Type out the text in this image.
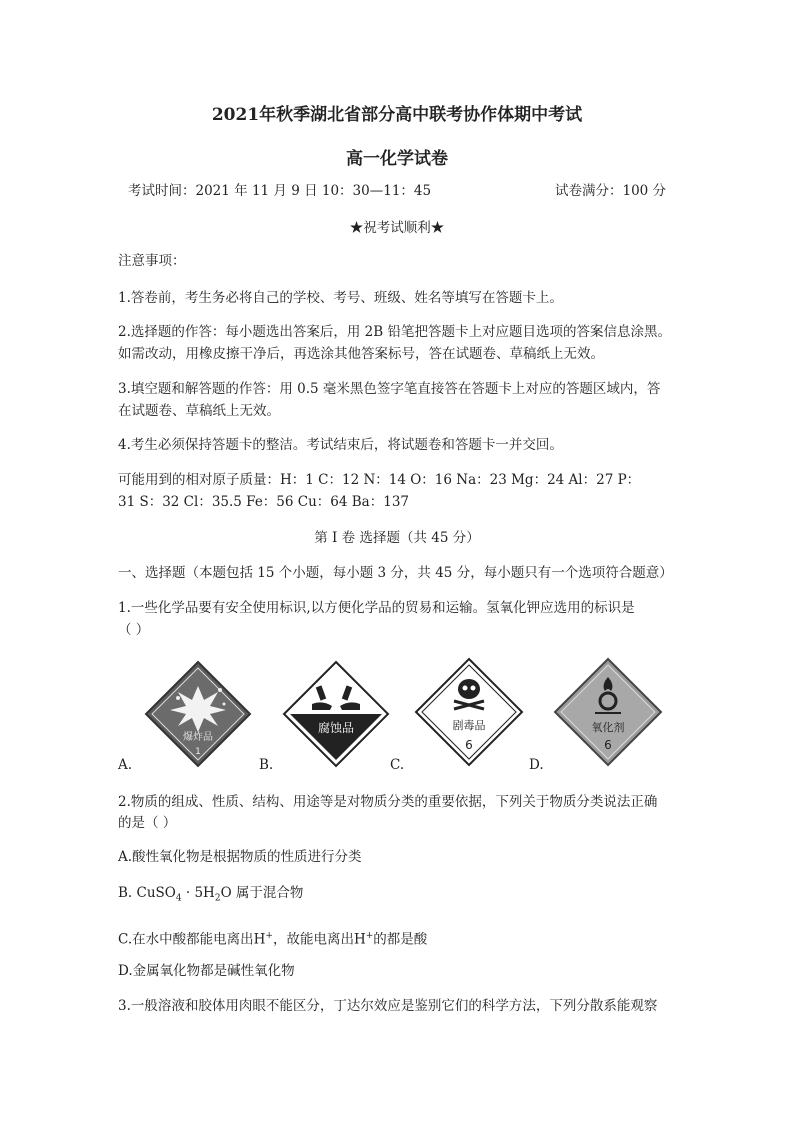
2021年秋季湖北省部分高中联考协作体期中考试
高一化学试卷
考试时间：2021 年 11 月 9 日 10：30—11：45	试卷满分：100 分
★祝考试顺利★
注意事项：
1.答卷前，考生务必将自己的学校、考号、班级、姓名等填写在答题卡上。
2.选择题的作答：每小题选出答案后，用 2B 铅笔把答题卡上对应题目选项的答案信息涂黑。
如需改动，用橡皮擦干净后，再选涂其他答案标号，答在试题卷、草稿纸上无效。
3.填空题和解答题的作答：用 0.5 毫米黑色签字笔直接答在答题卡上对应的答题区域内，答
在试题卷、草稿纸上无效。
4.考生必须保持答题卡的整洁。考试结束后，将试题卷和答题卡一并交回。
可能用到的相对原子质量：H：1 C：12 N：14 O：16 Na：23 Mg：24 Al：27 P：
31 S：32 Cl：35.5 Fe：56 Cu：64 Ba：137
第 I 卷 选择题（共 45 分）
一、选择题（本题包括 15 个小题，每小题 3 分，共 45 分，每小题只有一个选项符合题意）
1.一些化学品要有安全使用标识,以方便化学品的贸易和运输。氢氧化钾应选用的标识是
（ ）
爆炸品
1
腐蚀品	剧毒品
6
氧化剂
6
A.	B.	C.	D.
2.物质的组成、性质、结构、用途等是对物质分类的重要依据，下列关于物质分类说法正确
的是（ ）
A.酸性氧化物是根据物质的性质进行分类
B. CuSO$_4$ · $5H_2O$ 属于混合物
C.在水中酸都能电离出H+，故能电离出H+的都是酸
D.金属氧化物都是碱性氧化物
3.一般溶液和胶体用肉眼不能区分，丁达尔效应是鉴别它们的科学方法，下列分散系能观察
